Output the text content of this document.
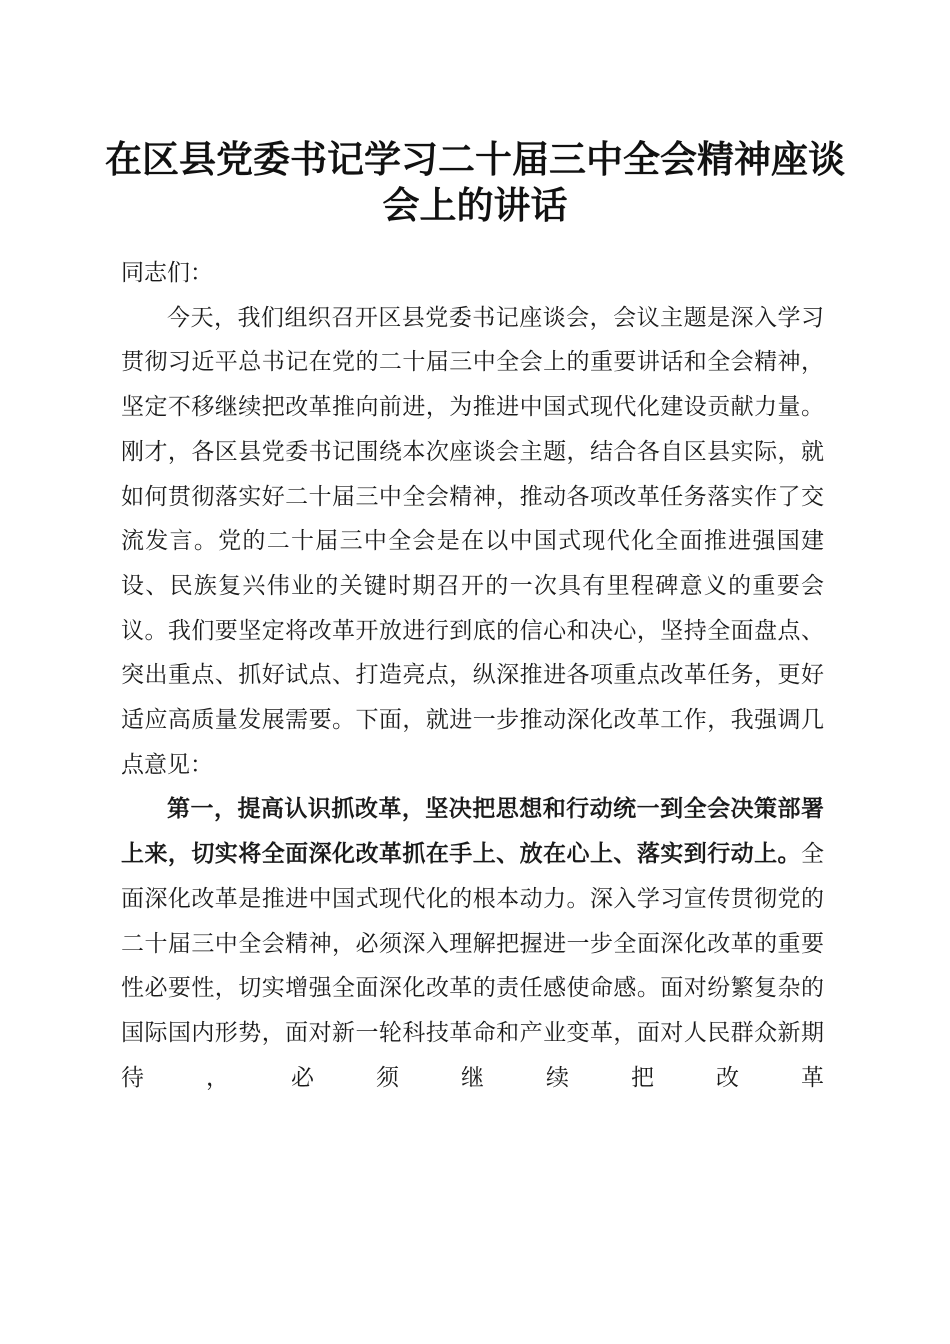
在区县党委书记学习二十届三中全会精神座谈
会上的讲话

同志们：

今天，我们组织召开区县党委书记座谈会，会议主题是深入学习贯彻习近平总书记在党的二十届三中全会上的重要讲话和全会精神，坚定不移继续把改革推向前进，为推进中国式现代化建设贡献力量。刚才，各区县党委书记围绕本次座谈会主题，结合各自区县实际，就如何贯彻落实好二十届三中全会精神，推动各项改革任务落实作了交流发言。党的二十届三中全会是在以中国式现代化全面推进强国建设、民族复兴伟业的关键时期召开的一次具有里程碑意义的重要会议。我们要坚定将改革开放进行到底的信心和决心，坚持全面盘点、突出重点、抓好试点、打造亮点，纵深推进各项重点改革任务，更好适应高质量发展需要。下面，就进一步推动深化改革工作，我强调几点意见：

第一，提高认识抓改革，坚决把思想和行动统一到全会决策部署上来，切实将全面深化改革抓在手上、放在心上、落实到行动上。全面深化改革是推进中国式现代化的根本动力。深入学习宣传贯彻党的二十届三中全会精神，必须深入理解把握进一步全面深化改革的重要性必要性，切实增强全面深化改革的责任感使命感。面对纷繁复杂的国际国内形势，面对新一轮科技革命和产业变革，面对人民群众新期待，必须继续把改革
